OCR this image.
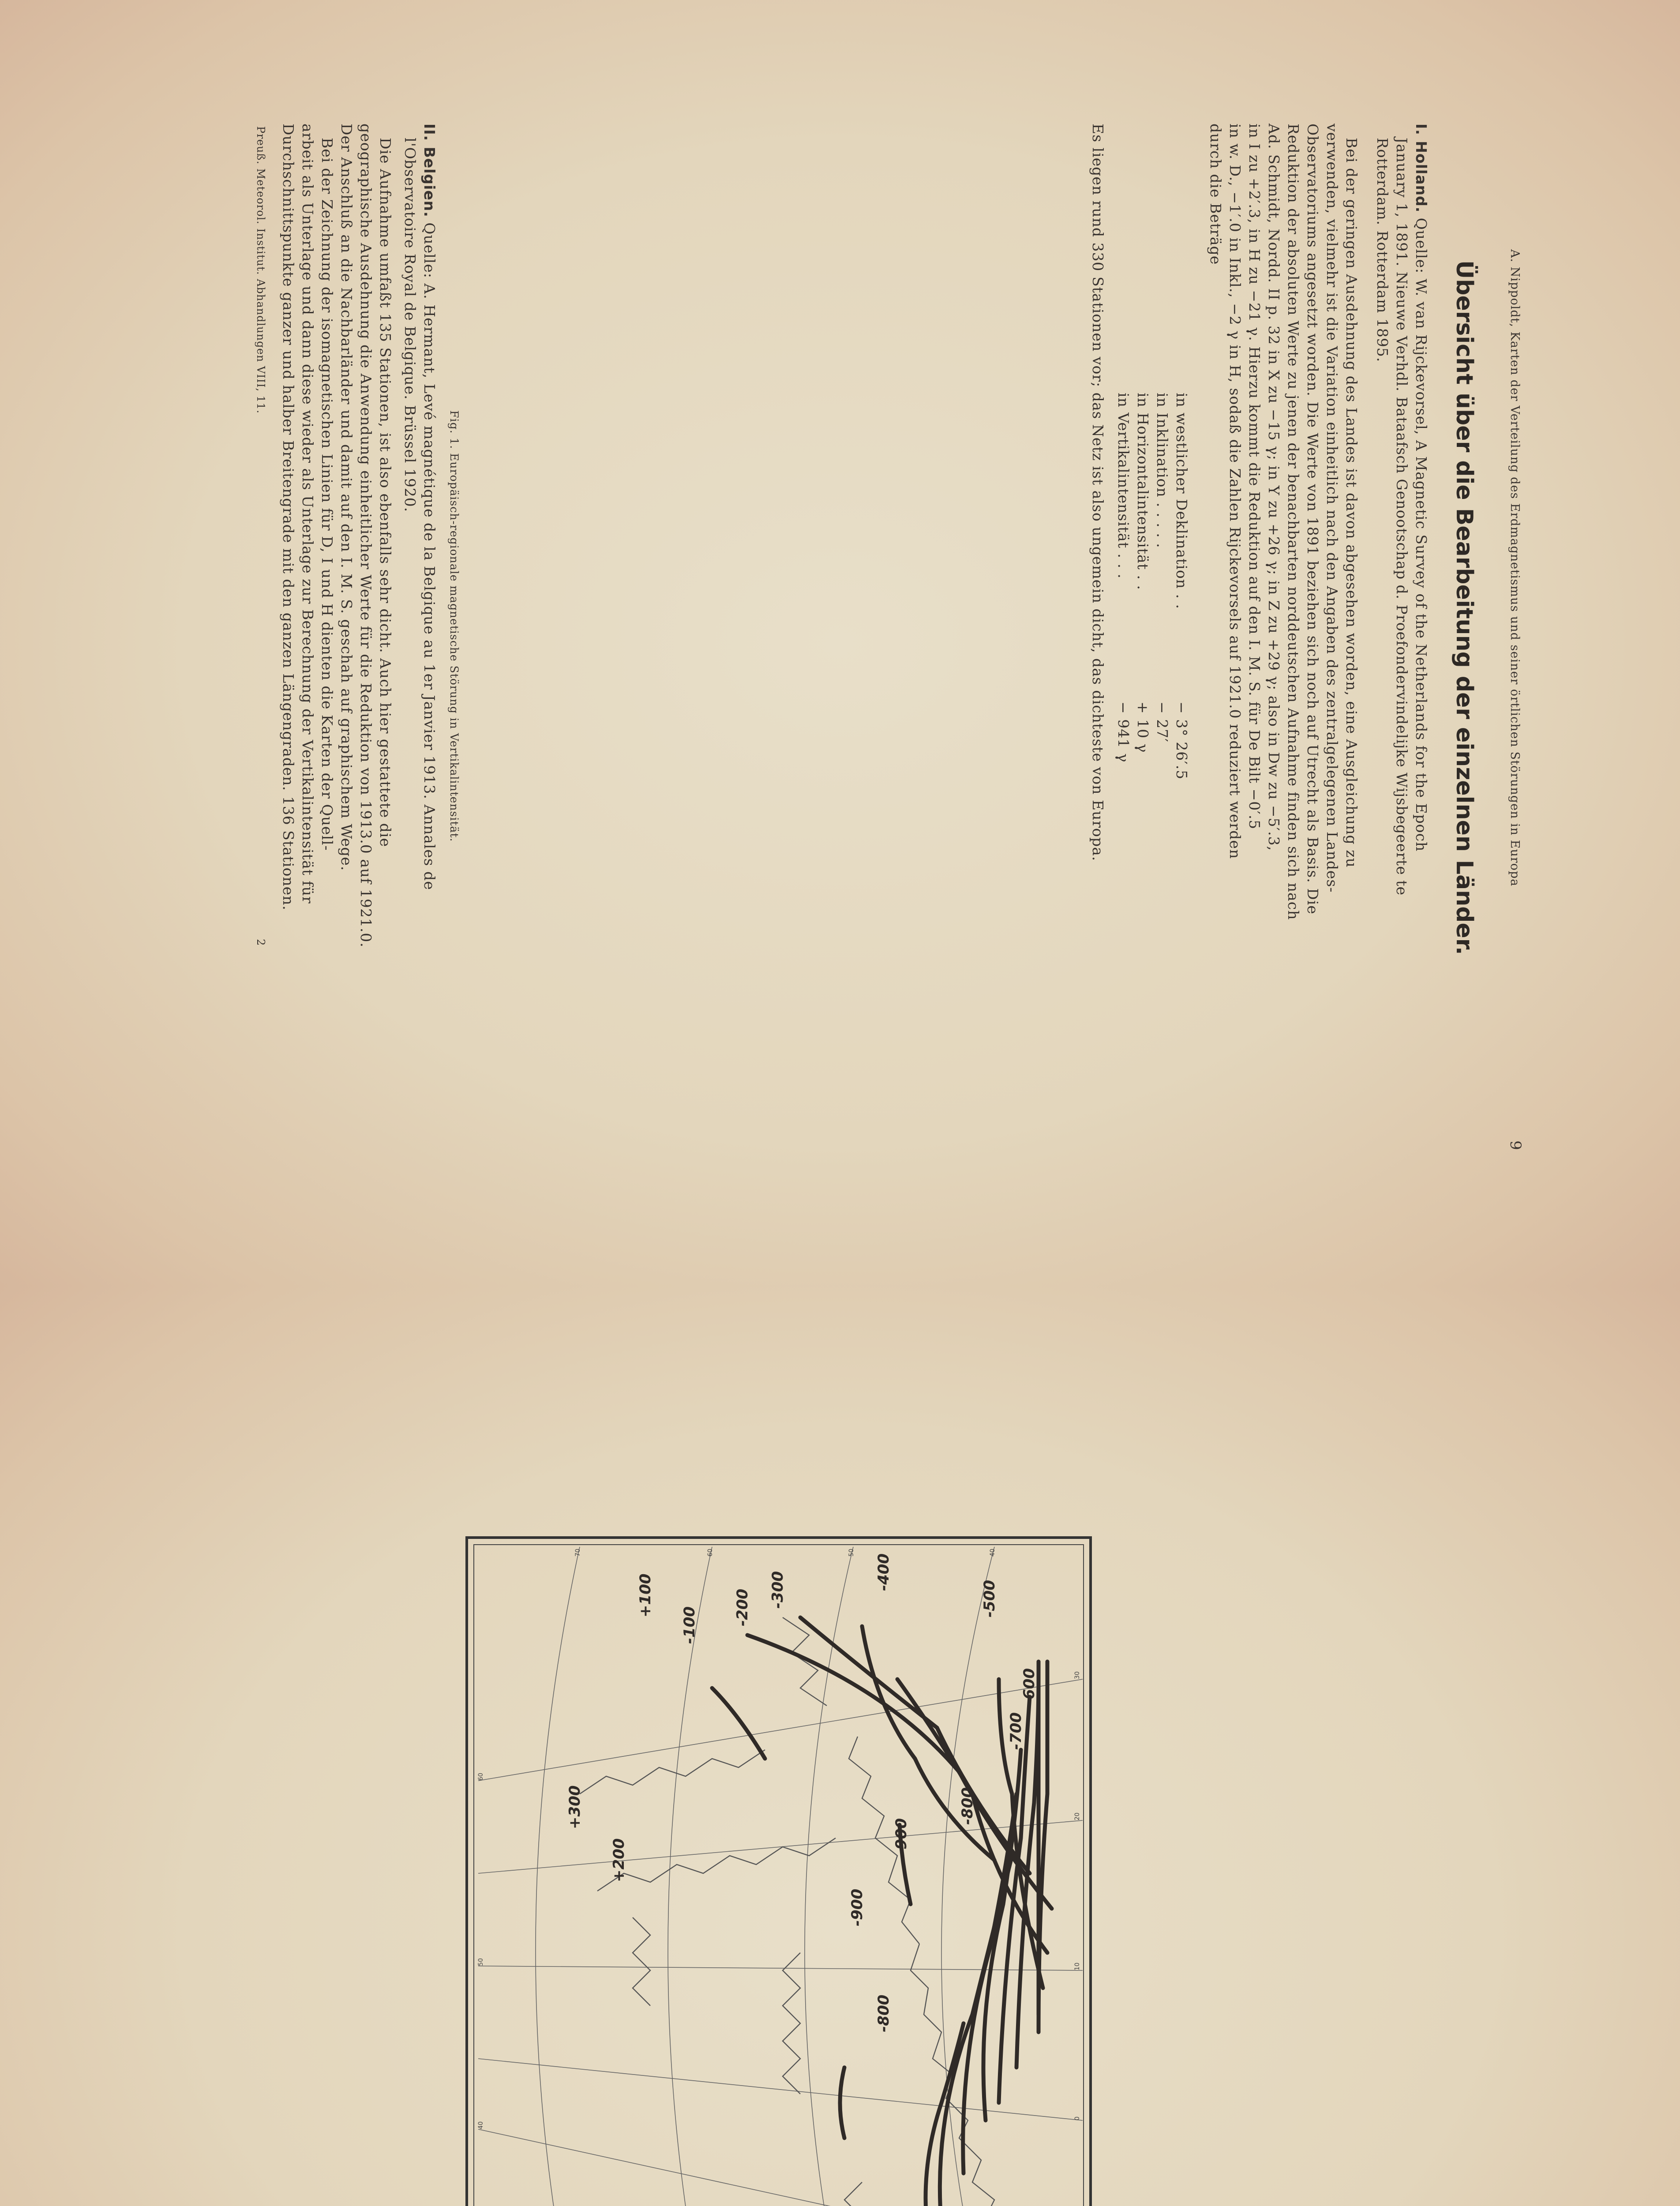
A. Nippoldt, Karten der Verteilung des Erdmagnetismus und seiner örtlichen Störungen in Europa
9
Übersicht über die Bearbeitung der einzelnen Länder.
I. Holland. Quelle: W. van Rijckevorsel, A Magnetic Survey of the Netherlands for the Epoch
January 1, 1891. Nieuwe Verhdl. Bataafsch Genootschap d. Proefondervindelijke Wijsbegeerte te
Rotterdam. Rotterdam 1895.
Bei der geringen Ausdehnung des Landes ist davon abgesehen worden, eine Ausgleichung zu
verwenden, vielmehr ist die Variation einheitlich nach den Angaben des zentralgelegenen Landes-
Observatoriums angesetzt worden. Die Werte von 1891 beziehen sich noch auf Utrecht als Basis. Die
Reduktion der absoluten Werte zu jenen der benachbarten norddeutschen Aufnahme finden sich nach
Ad. Schmidt, Nordd. II p. 32 in X zu −15 γ; in Y zu +26 γ; in Z zu +29 γ; also in Dw zu −5′.3,
in I zu +2′.3, in H zu −21 γ. Hierzu kommt die Reduktion auf den I. M. S. für De Bilt −0′.5
in w. D., −1′.0 in Inkl., −2 γ in H, sodaß die Zahlen Rijckevorsels auf 1921.0 reduziert werden
durch die Beträge
in westlicher Deklination . .
− 3° 26′.5
in Inklination . . . . .
− 27′
in Horizontalintensität . .
+ 10 γ
in Vertikalintensität . . .
− 941 γ
Es liegen rund 330 Stationen vor; das Netz ist also ungemein dicht, das dichteste von Europa.
Fig. 1. Europäisch-regionale magnetische Störung in Vertikalintensität.
II. Belgien. Quelle: A. Hermant, Levé magnétique de la Belgique au 1er Janvier 1913. Annales de
l'Observatoire Royal de Belgique. Brüssel 1920.
Die Aufnahme umfaßt 135 Stationen, ist also ebenfalls sehr dicht. Auch hier gestattete die
geographische Ausdehnung die Anwendung einheitlicher Werte für die Reduktion von 1913.0 auf 1921.0.
Der Anschluß an die Nachbarländer und damit auf den I. M. S. geschah auf graphischem Wege.
Bei der Zeichnung der isomagnetischen Linien für D, I und H dienten die Karten der Quell-
arbeit als Unterlage und dann diese wieder als Unterlage zur Berechnung der Vertikalintensität für
Durchschnittspunkte ganzer und halber Breitengrade mit den ganzen Längengraden. 136 Stationen.
Preuß. Meteorol. Institut. Abhandlungen VIII, 11.
2
-900
-900
-800
-800
-700
-600
-500
-400
-300
-200
-100
+100
+200
+300
40
50
60
70
0
10
20
30
40
50
60
